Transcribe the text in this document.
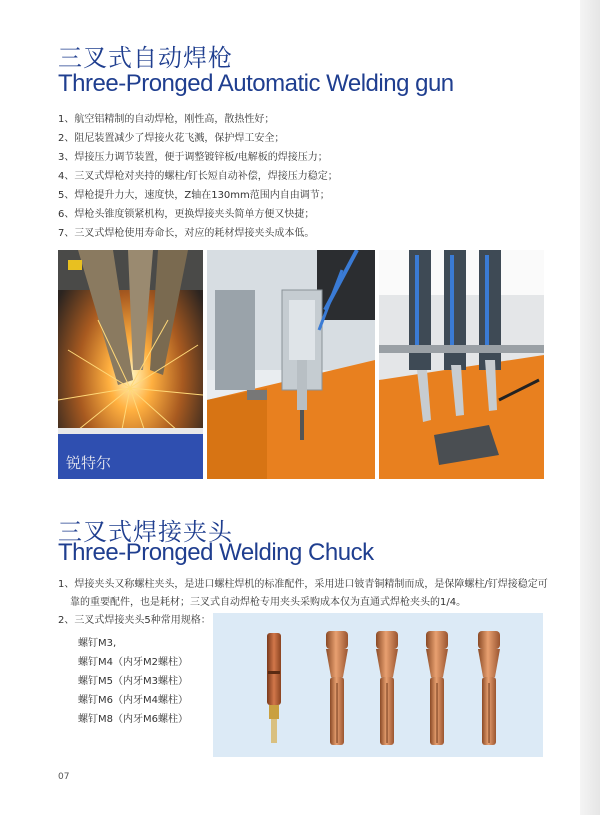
三叉式自动焊枪
Three-Pronged Automatic Welding gun
1、航空铝精制的自动焊枪，刚性高，散热性好；
2、阻尼装置减少了焊接火花飞溅，保护焊工安全；
3、焊接压力调节装置，便于调整镀锌板/电解板的焊接压力；
4、三叉式焊枪对夹持的螺柱/钉长短自动补偿，焊接压力稳定；
5、焊枪提升力大，速度快，Z轴在130mm范围内自由调节；
6、焊枪头锥度锁紧机构，更换焊接夹头简单方便又快捷；
7、三叉式焊枪使用寿命长，对应的耗材焊接夹头成本低。
锐特尔
三叉式焊接夹头
Three-Pronged Welding Chuck
1、焊接夹头又称螺柱夹头，是进口螺柱焊机的标准配件，采用进口铍青铜精制而成，是保障螺柱/钉焊接稳定可
靠的重要配件，也是耗材；三叉式自动焊枪专用夹头采购成本仅为直通式焊枪夹头的1/4。
2、三叉式焊接夹头5种常用规格：
螺钉M3,
螺钉M4（内牙M2螺柱）
螺钉M5（内牙M3螺柱）
螺钉M6（内牙M4螺柱）
螺钉M8（内牙M6螺柱）
07
